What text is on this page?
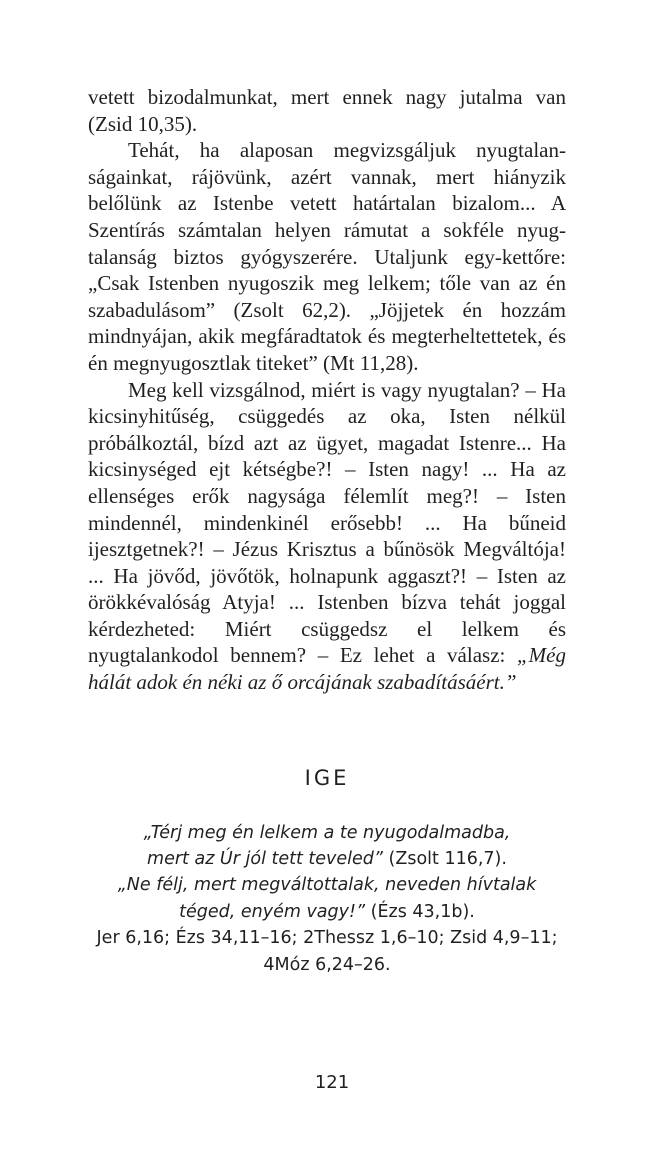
vetett bizodalmunkat, mert ennek nagy jutalma van (Zsid 10,35).

Tehát, ha alaposan megvizsgáljuk nyugtalanságainkat, rájövünk, azért vannak, mert hiányzik belőlünk az Istenbe vetett határtalan bizalom... A Szentírás számtalan helyen rámutat a sokféle nyugtalanság biztos gyógyszerére. Utaljunk egy-kettőre: „Csak Istenben nyugoszik meg lelkem; tőle van az én szabadulásom” (Zsolt 62,2). „Jöjjetek én hozzám mindnyájan, akik megfáradtatok és megterheltettetek, és én megnyugosztlak titeket” (Mt 11,28).

Meg kell vizsgálnod, miért is vagy nyugtalan? – Ha kicsinyhitűség, csüggedés az oka, Isten nélkül próbálkoztál, bízd azt az ügyet, magadat Istenre... Ha kicsinységed ejt kétségbe?! – Isten nagy! ... Ha az ellenséges erők nagysága félemlít meg?! – Isten mindennél, mindenkinél erősebb! ... Ha bűneid ijesztgetnek?! – Jézus Krisztus a bűnösök Megváltója! ... Ha jövőd, jövőtök, holnapunk aggaszt?! – Isten az örökkévalóság Atyja! ... Istenben bízva tehát joggal kérdezheted: Miért csüggedsz el lelkem és nyugtalankodol bennem? – Ez lehet a válasz: „Még hálát adok én néki az ő orcájának szabadításáért.”

IGE
„Térj meg én lelkem a te nyugodalmadba,
mert az Úr jól tett teveled” (Zsolt 116,7).
„Ne félj, mert megváltottalak, neveden hívtalak
téged, enyém vagy!” (Ézs 43,1b).
Jer 6,16; Ézs 34,11–16; 2Thessz 1,6–10; Zsid 4,9–11;
4Móz 6,24–26.
121
